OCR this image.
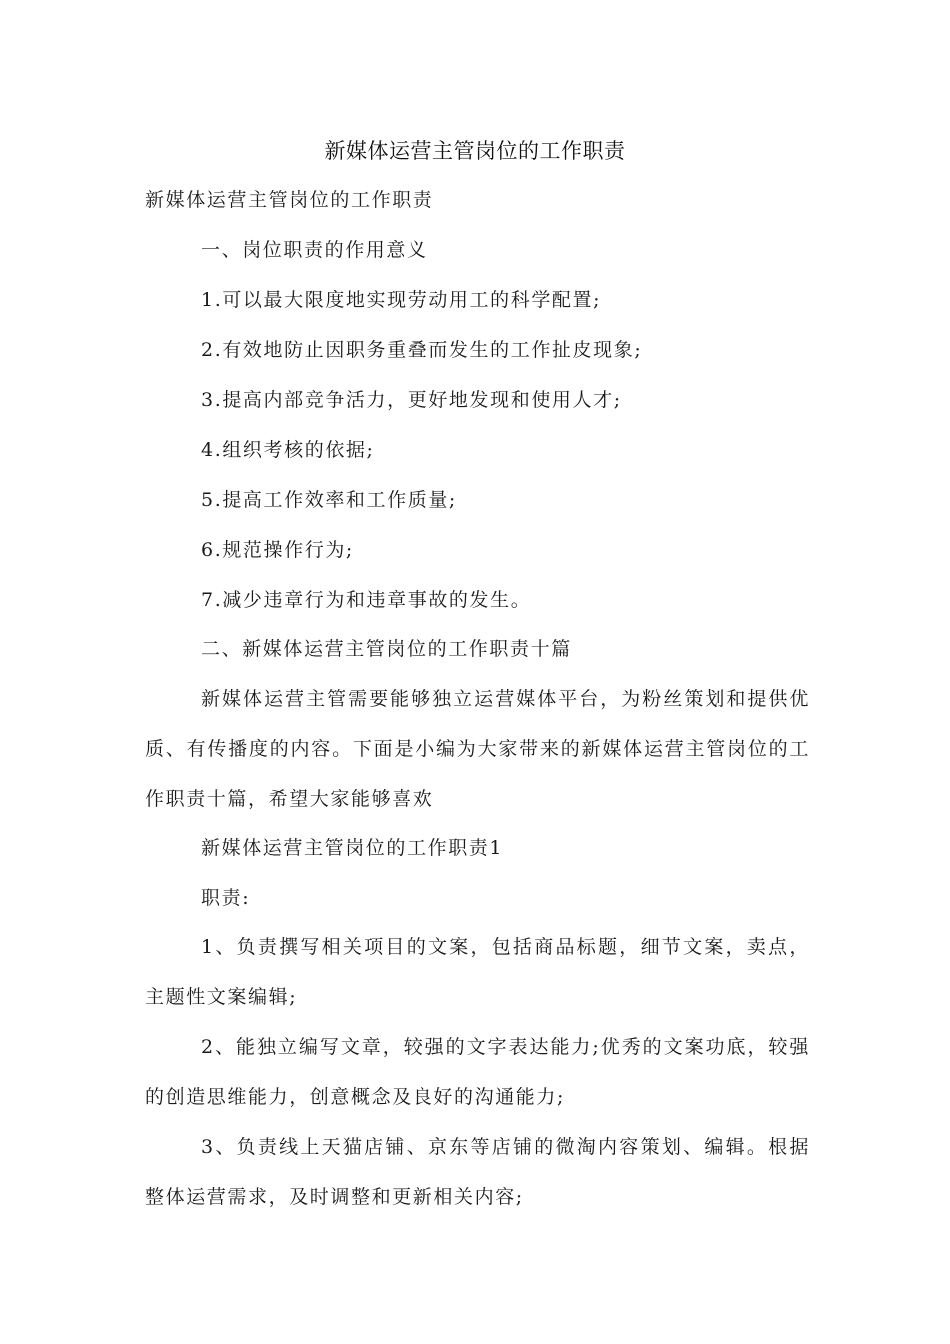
新媒体运营主管岗位的工作职责
新媒体运营主管岗位的工作职责
一、岗位职责的作用意义
1.可以最大限度地实现劳动用工的科学配置;
2.有效地防止因职务重叠而发生的工作扯皮现象;
3.提高内部竞争活力，更好地发现和使用人才;
4.组织考核的依据;
5.提高工作效率和工作质量;
6.规范操作行为;
7.减少违章行为和违章事故的发生。
二、新媒体运营主管岗位的工作职责十篇
新媒体运营主管需要能够独立运营媒体平台，为粉丝策划和提供优质、有传播度的内容。下面是小编为大家带来的新媒体运营主管岗位的工作职责十篇，希望大家能够喜欢
新媒体运营主管岗位的工作职责1
职责:
1、负责撰写相关项目的文案，包括商品标题，细节文案，卖点，主题性文案编辑;
2、能独立编写文章，较强的文字表达能力;优秀的文案功底，较强的创造思维能力，创意概念及良好的沟通能力;
3、负责线上天猫店铺、京东等店铺的微淘内容策划、编辑。根据整体运营需求，及时调整和更新相关内容;
